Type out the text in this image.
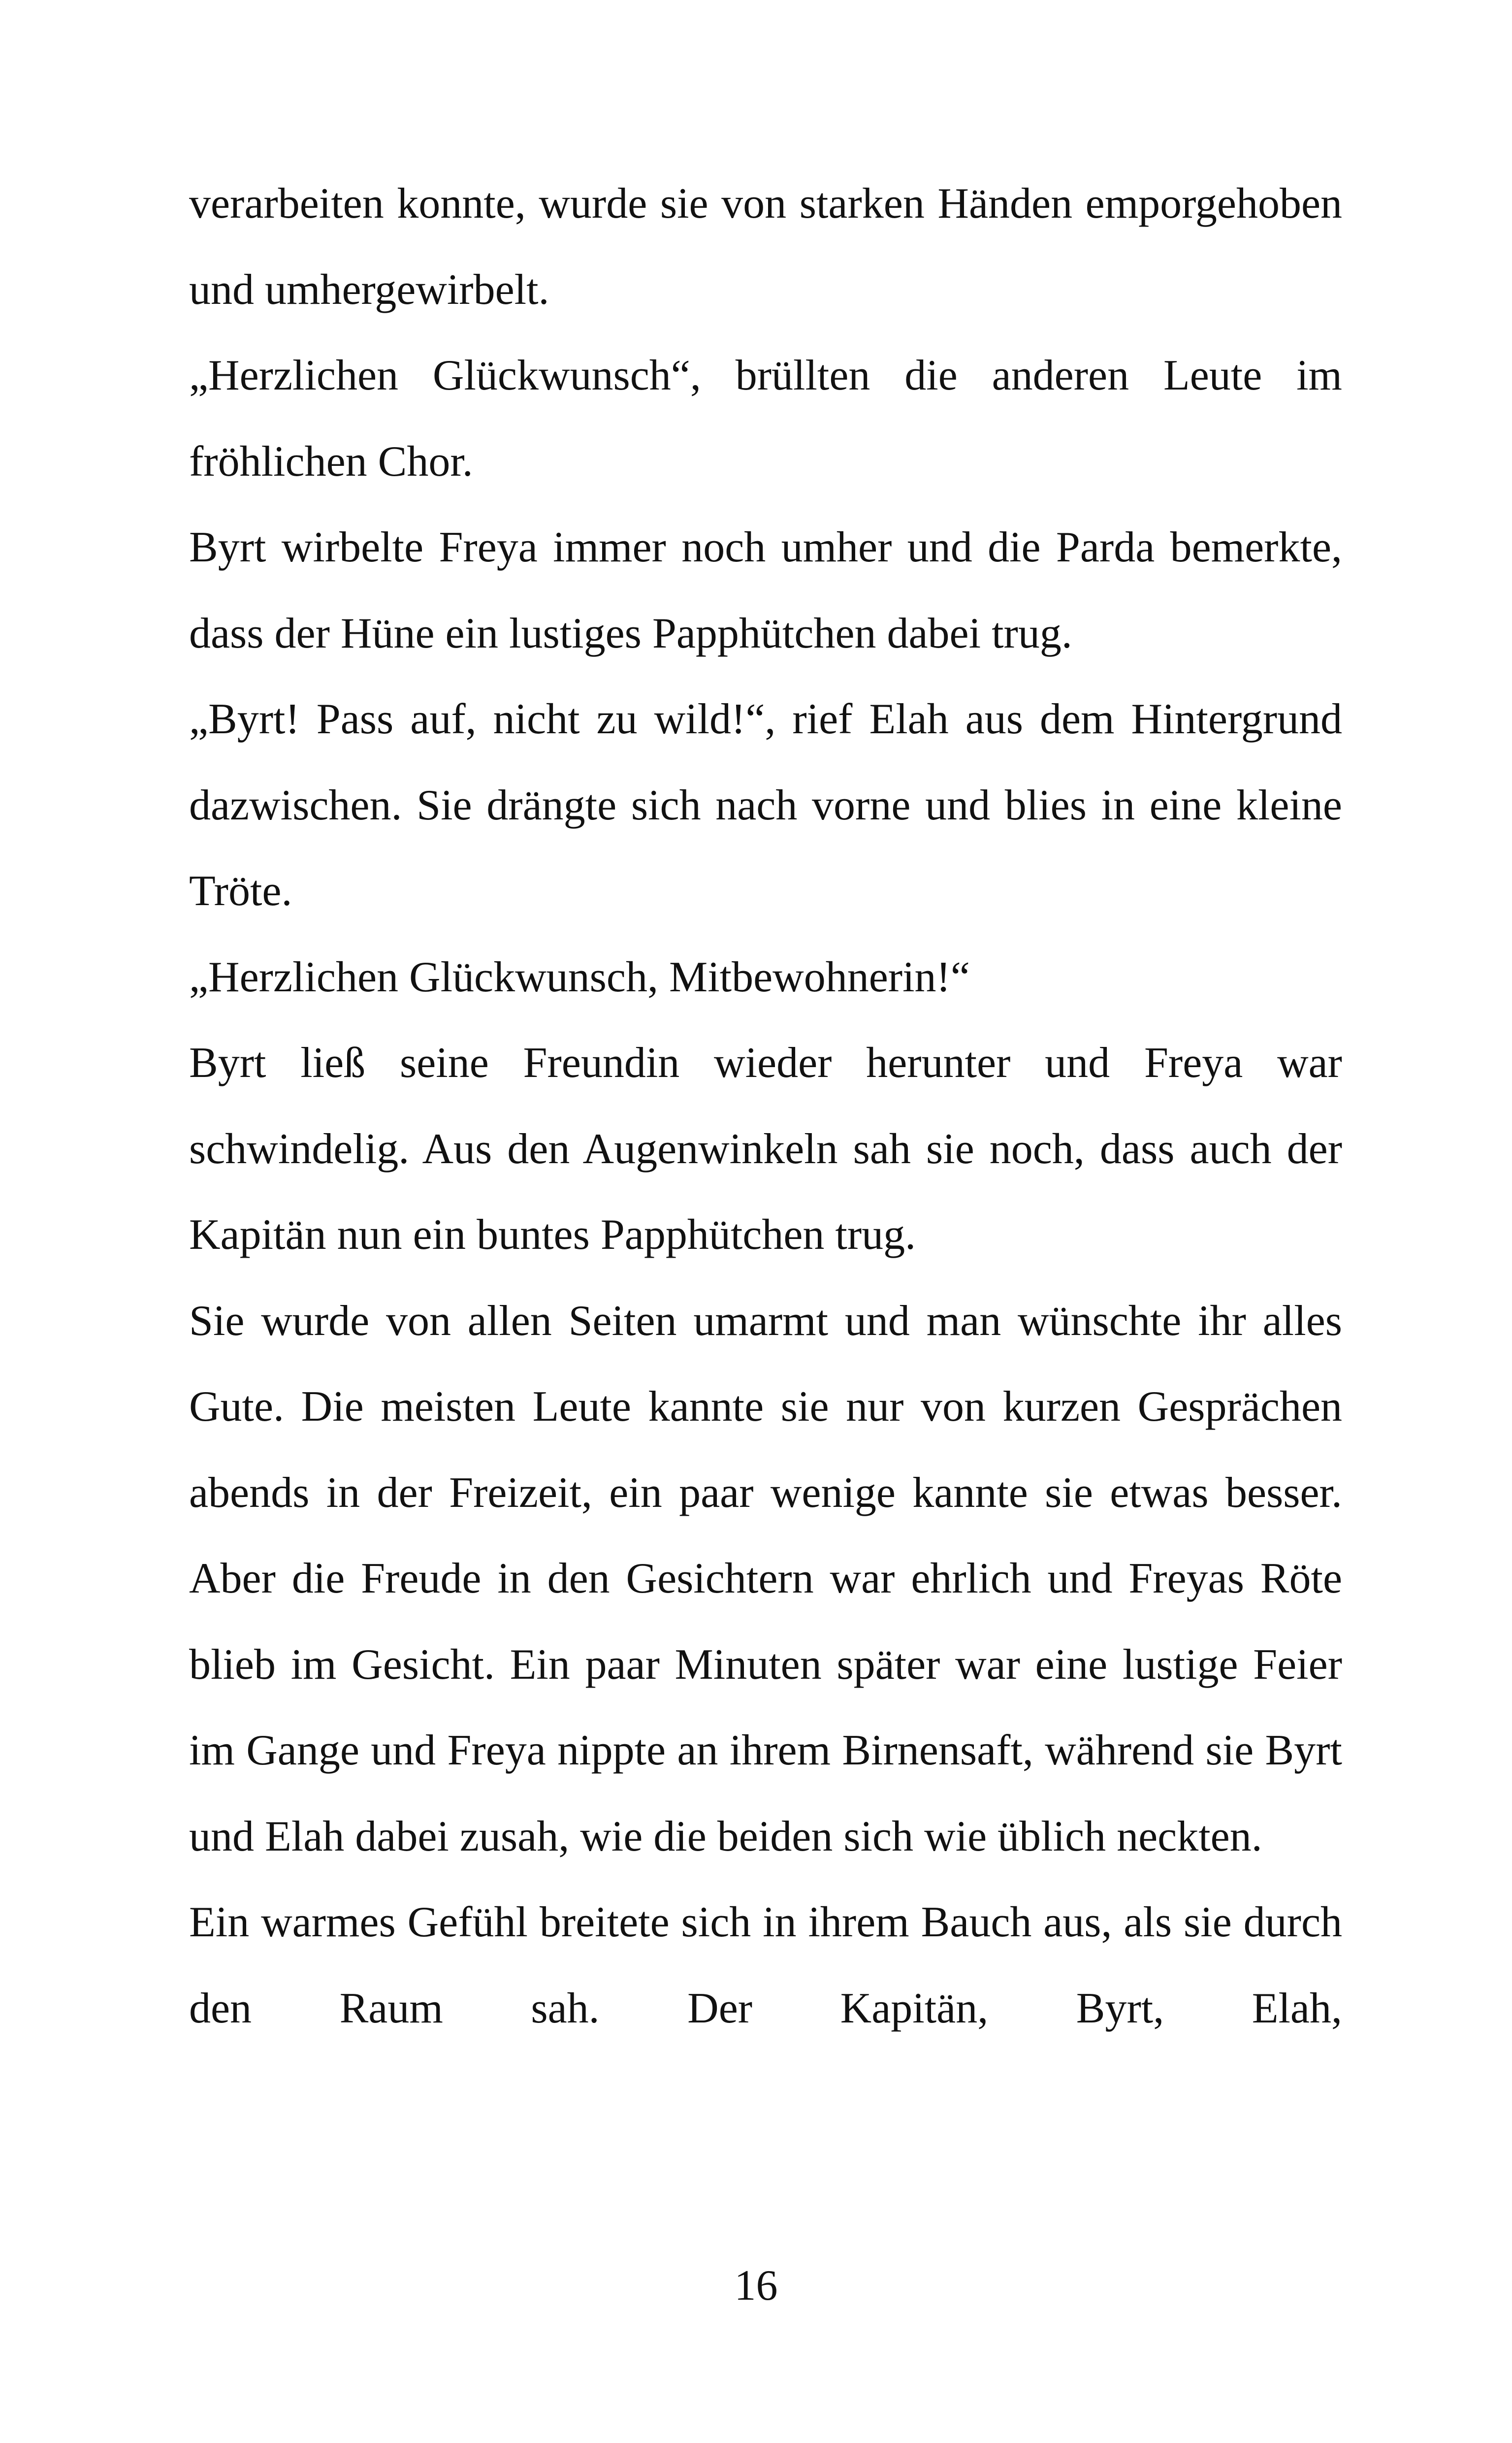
verarbeiten konnte, wurde sie von starken Händen emporgehoben und umhergewirbelt.

„Herzlichen Glückwunsch“, brüllten die anderen Leute im fröhlichen Chor.

Byrt wirbelte Freya immer noch umher und die Parda bemerkte, dass der Hüne ein lustiges Papphütchen dabei trug.

„Byrt! Pass auf, nicht zu wild!“, rief Elah aus dem Hintergrund dazwischen. Sie drängte sich nach vorne und blies in eine kleine Tröte.

„Herzlichen Glückwunsch, Mitbewohnerin!“

Byrt ließ seine Freundin wieder herunter und Freya war schwindelig. Aus den Augenwinkeln sah sie noch, dass auch der Kapitän nun ein buntes Papphütchen trug.

Sie wurde von allen Seiten umarmt und man wünschte ihr alles Gute. Die meisten Leute kannte sie nur von kurzen Gesprächen abends in der Freizeit, ein paar wenige kannte sie etwas besser. Aber die Freude in den Gesichtern war ehrlich und Freyas Röte blieb im Gesicht. Ein paar Minuten später war eine lustige Feier im Gange und Freya nippte an ihrem Birnensaft, während sie Byrt und Elah dabei zusah, wie die beiden sich wie üblich neckten.

Ein warmes Gefühl breitete sich in ihrem Bauch aus, als sie durch den Raum sah. Der Kapitän, Byrt, Elah,

16
